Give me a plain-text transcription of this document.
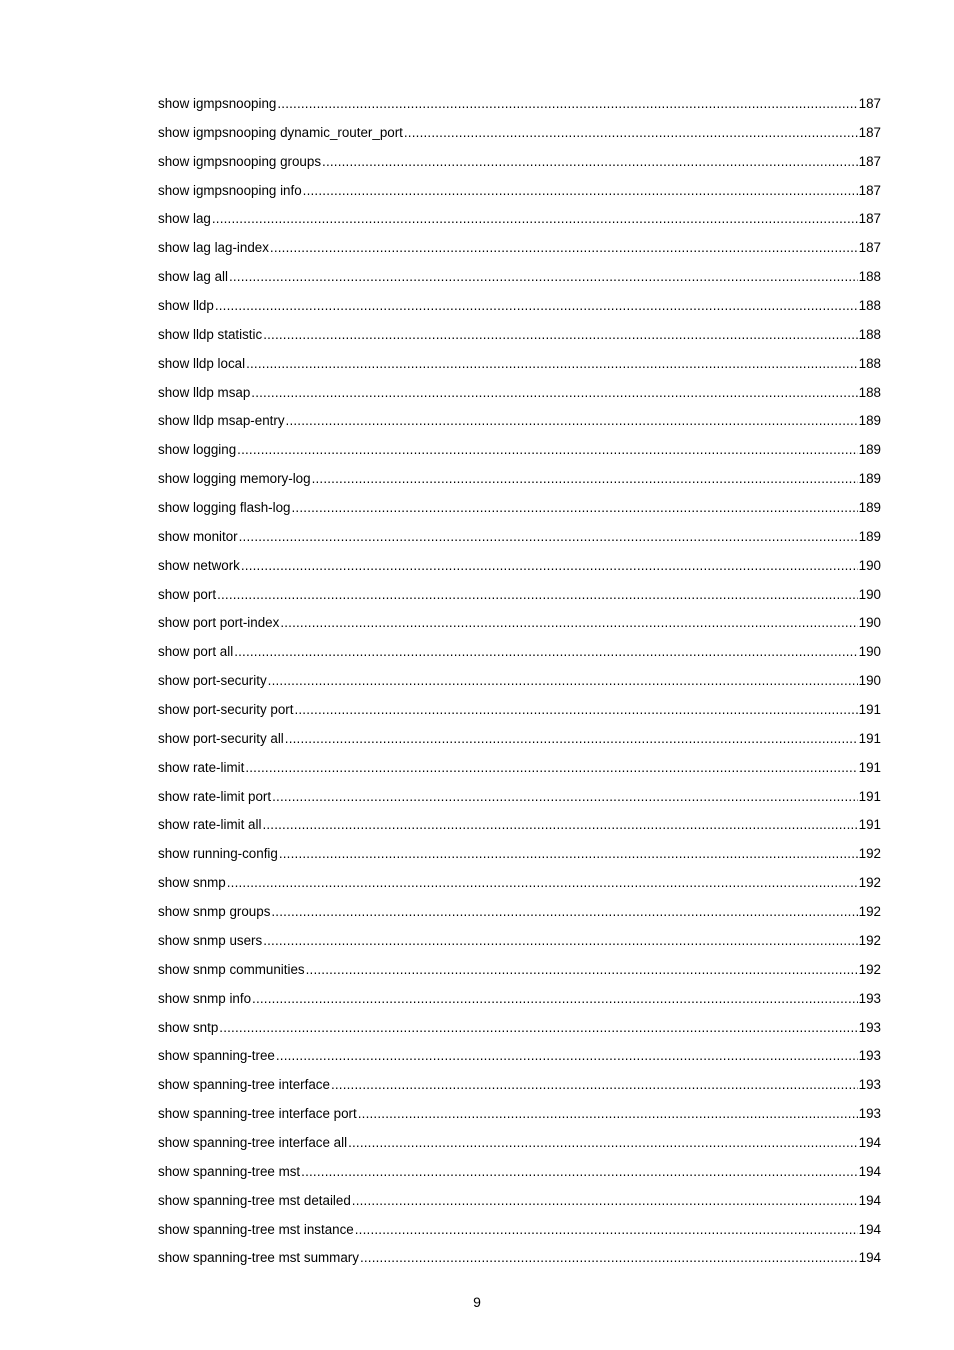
show igmpsnooping .....	187
show igmpsnooping dynamic_router_port .....	187
show igmpsnooping groups .....	187
show igmpsnooping info .....	187
show lag .....	187
show lag lag-index .....	187
show lag all .....	188
show lldp .....	188
show lldp statistic .....	188
show lldp local .....	188
show lldp msap .....	188
show lldp msap-entry .....	189
show logging .....	189
show logging memory-log .....	189
show logging flash-log .....	189
show monitor .....	189
show network .....	190
show port .....	190
show port port-index .....	190
show port all .....	190
show port-security .....	190
show port-security port .....	191
show port-security all .....	191
show rate-limit .....	191
show rate-limit port .....	191
show rate-limit all .....	191
show running-config .....	192
show snmp .....	192
show snmp groups .....	192
show snmp users .....	192
show snmp communities .....	192
show snmp info .....	193
show sntp .....	193
show spanning-tree .....	193
show spanning-tree interface .....	193
show spanning-tree interface port .....	193
show spanning-tree interface all .....	194
show spanning-tree mst .....	194
show spanning-tree mst detailed .....	194
show spanning-tree mst instance .....	194
show spanning-tree mst summary .....	194
9
